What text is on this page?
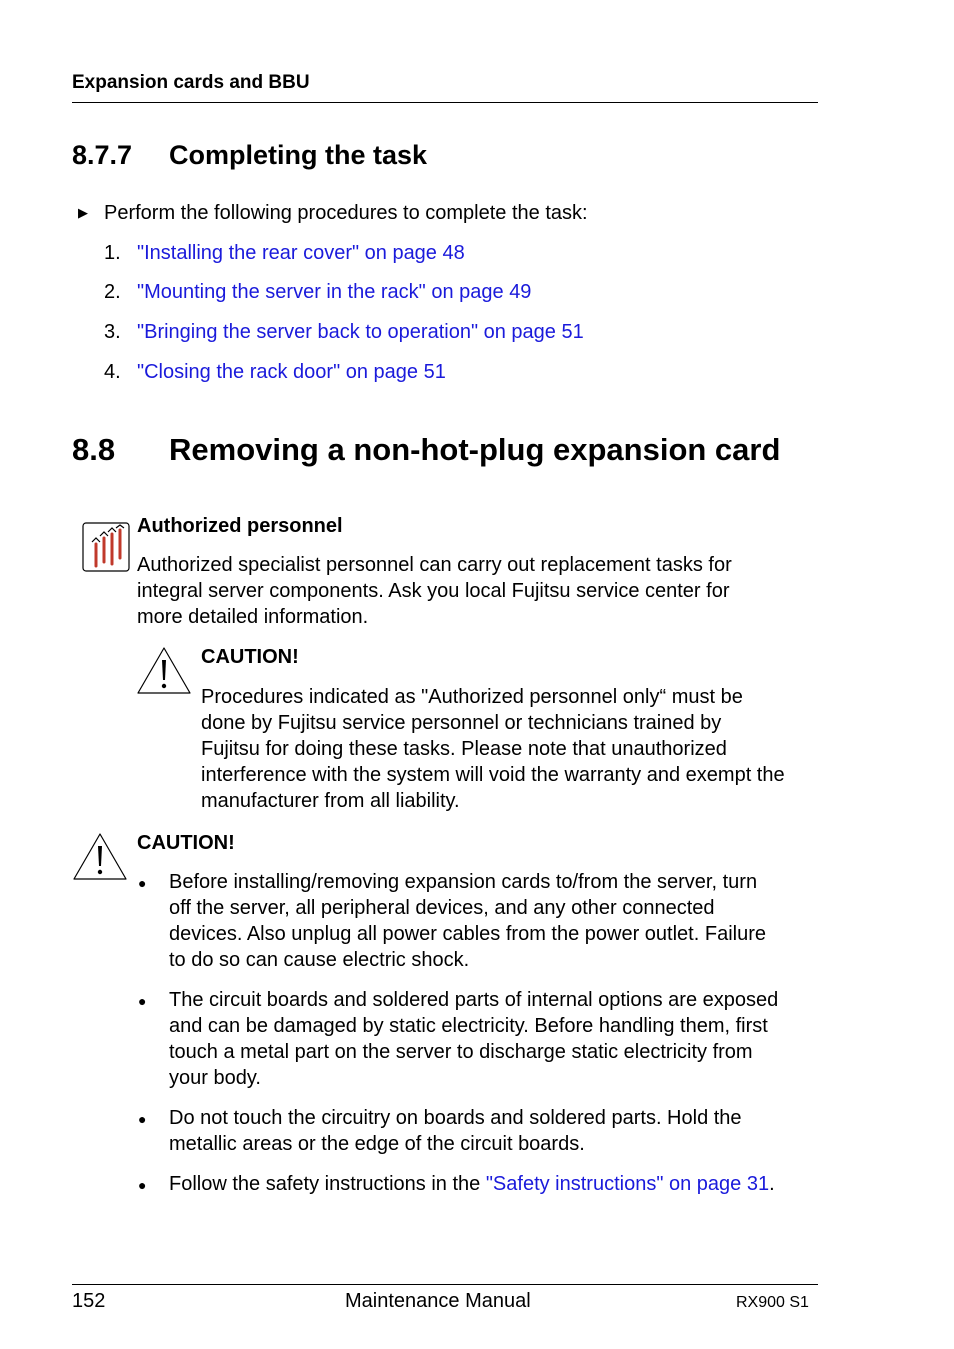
Expansion cards and BBU
8.7.7 Completing the task
▶ Perform the following procedures to complete the task:
1. "Installing the rear cover" on page 48
2. "Mounting the server in the rack" on page 49
3. "Bringing the server back to operation" on page 51
4. "Closing the rack door" on page 51
8.8 Removing a non-hot-plug expansion card
Authorized personnel
Authorized specialist personnel can carry out replacement tasks for
integral server components. Ask you local Fujitsu service center for
more detailed information.
CAUTION!
Procedures indicated as "Authorized personnel only“ must be
done by Fujitsu service personnel or technicians trained by
Fujitsu for doing these tasks. Please note that unauthorized
interference with the system will void the warranty and exempt the
manufacturer from all liability.
CAUTION!
● Before installing/removing expansion cards to/from the server, turn
off the server, all peripheral devices, and any other connected
devices. Also unplug all power cables from the power outlet. Failure
to do so can cause electric shock.
● The circuit boards and soldered parts of internal options are exposed
and can be damaged by static electricity. Before handling them, first
touch a metal part on the server to discharge static electricity from
your body.
● Do not touch the circuitry on boards and soldered parts. Hold the
metallic areas or the edge of the circuit boards.
● Follow the safety instructions in the "Safety instructions" on page 31.
152	Maintenance Manual	RX900 S1
